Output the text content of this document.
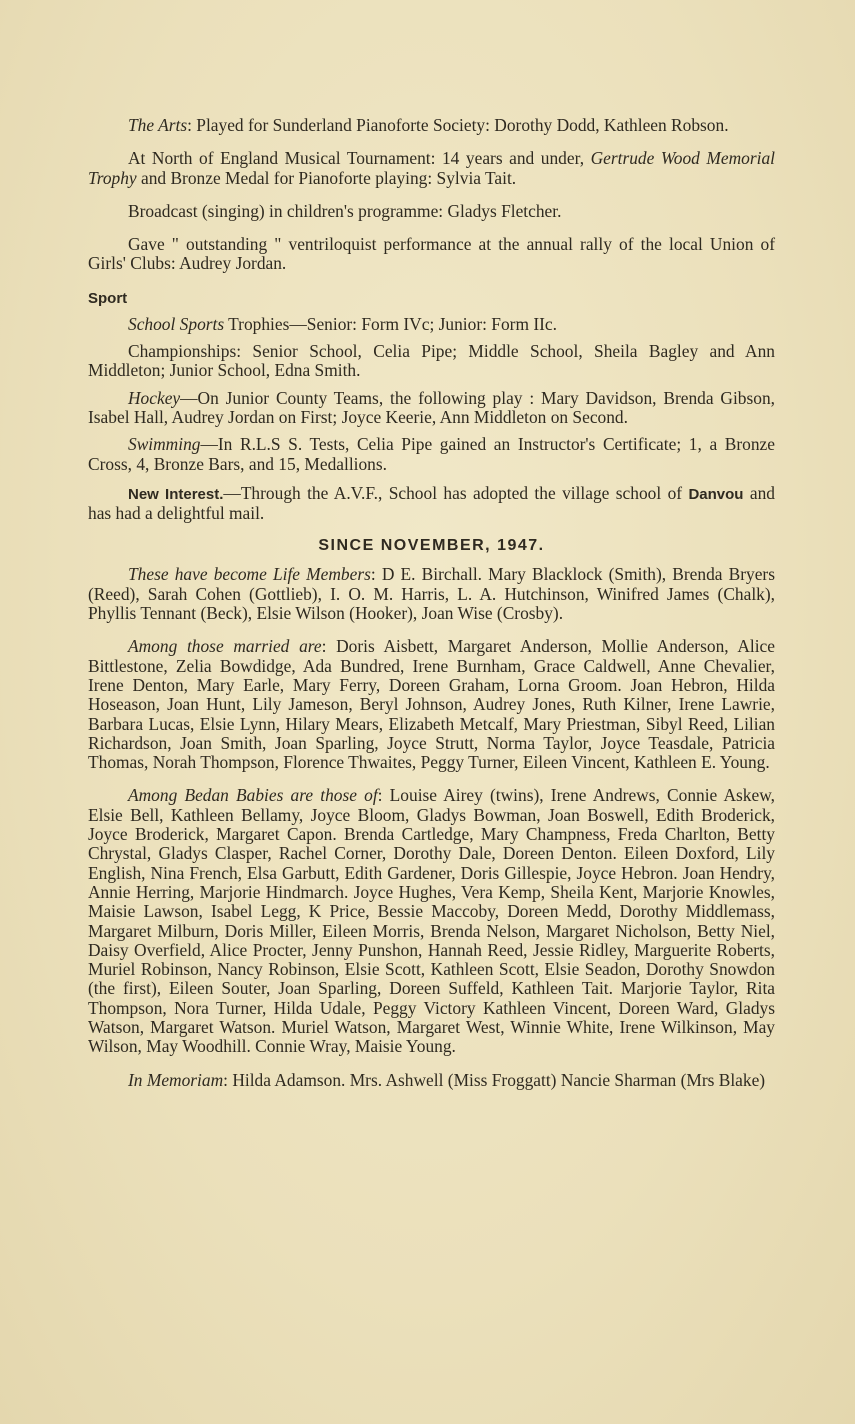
The Arts: Played for Sunderland Pianoforte Society: Dorothy Dodd, Kathleen Robson.

At North of England Musical Tournament: 14 years and under, Gertrude Wood Memorial Trophy and Bronze Medal for Pianoforte playing: Sylvia Tait.

Broadcast (singing) in children's programme: Gladys Fletcher.

Gave " outstanding " ventriloquist performance at the annual rally of the local Union of Girls' Clubs: Audrey Jordan.

Sport

School Sports Trophies—Senior: Form IVc; Junior: Form IIc.

Championships: Senior School, Celia Pipe; Middle School, Sheila Bagley and Ann Middleton; Junior School, Edna Smith.

Hockey—On Junior County Teams, the following play : Mary Davidson, Brenda Gibson, Isabel Hall, Audrey Jordan on First; Joyce Keerie, Ann Middleton on Second.

Swimming—In R.L.S S. Tests, Celia Pipe gained an Instructor's Certificate; 1, a Bronze Cross, 4, Bronze Bars, and 15, Medallions.

New Interest.—Through the A.V.F., School has adopted the village school of Danvou and has had a delightful mail.

SINCE NOVEMBER, 1947.

These have become Life Members: D E. Birchall. Mary Blacklock (Smith), Brenda Bryers (Reed), Sarah Cohen (Gottlieb), I. O. M. Harris, L. A. Hutchinson, Winifred James (Chalk), Phyllis Tennant (Beck), Elsie Wilson (Hooker), Joan Wise (Crosby).

Among those married are: Doris Aisbett, Margaret Anderson, Mollie Anderson, Alice Bittlestone, Zelia Bowdidge, Ada Bundred, Irene Burnham, Grace Caldwell, Anne Chevalier, Irene Denton, Mary Earle, Mary Ferry, Doreen Graham, Lorna Groom. Joan Hebron, Hilda Hoseason, Joan Hunt, Lily Jameson, Beryl Johnson, Audrey Jones, Ruth Kilner, Irene Lawrie, Barbara Lucas, Elsie Lynn, Hilary Mears, Elizabeth Metcalf, Mary Priestman, Sibyl Reed, Lilian Richardson, Joan Smith, Joan Sparling, Joyce Strutt, Norma Taylor, Joyce Teasdale, Patricia Thomas, Norah Thompson, Florence Thwaites, Peggy Turner, Eileen Vincent, Kathleen E. Young.

Among Bedan Babies are those of: Louise Airey (twins), Irene Andrews, Connie Askew, Elsie Bell, Kathleen Bellamy, Joyce Bloom, Gladys Bowman, Joan Boswell, Edith Broderick, Joyce Broderick, Margaret Capon. Brenda Cartledge, Mary Champness, Freda Charlton, Betty Chrystal, Gladys Clasper, Rachel Corner, Dorothy Dale, Doreen Denton. Eileen Doxford, Lily English, Nina French, Elsa Garbutt, Edith Gardener, Doris Gillespie, Joyce Hebron. Joan Hendry, Annie Herring, Marjorie Hindmarch. Joyce Hughes, Vera Kemp, Sheila Kent, Marjorie Knowles, Maisie Lawson, Isabel Legg, K Price, Bessie Maccoby, Doreen Medd, Dorothy Middlemass, Margaret Milburn, Doris Miller, Eileen Morris, Brenda Nelson, Margaret Nicholson, Betty Niel, Daisy Overfield, Alice Procter, Jenny Punshon, Hannah Reed, Jessie Ridley, Marguerite Roberts, Muriel Robinson, Nancy Robinson, Elsie Scott, Kathleen Scott, Elsie Seadon, Dorothy Snowdon (the first), Eileen Souter, Joan Sparling, Doreen Suffeld, Kathleen Tait. Marjorie Taylor, Rita Thompson, Nora Turner, Hilda Udale, Peggy Victory Kathleen Vincent, Doreen Ward, Gladys Watson, Margaret Watson. Muriel Watson, Margaret West, Winnie White, Irene Wilkinson, May Wilson, May Woodhill. Connie Wray, Maisie Young.

In Memoriam: Hilda Adamson. Mrs. Ashwell (Miss Froggatt) Nancie Sharman (Mrs Blake)
